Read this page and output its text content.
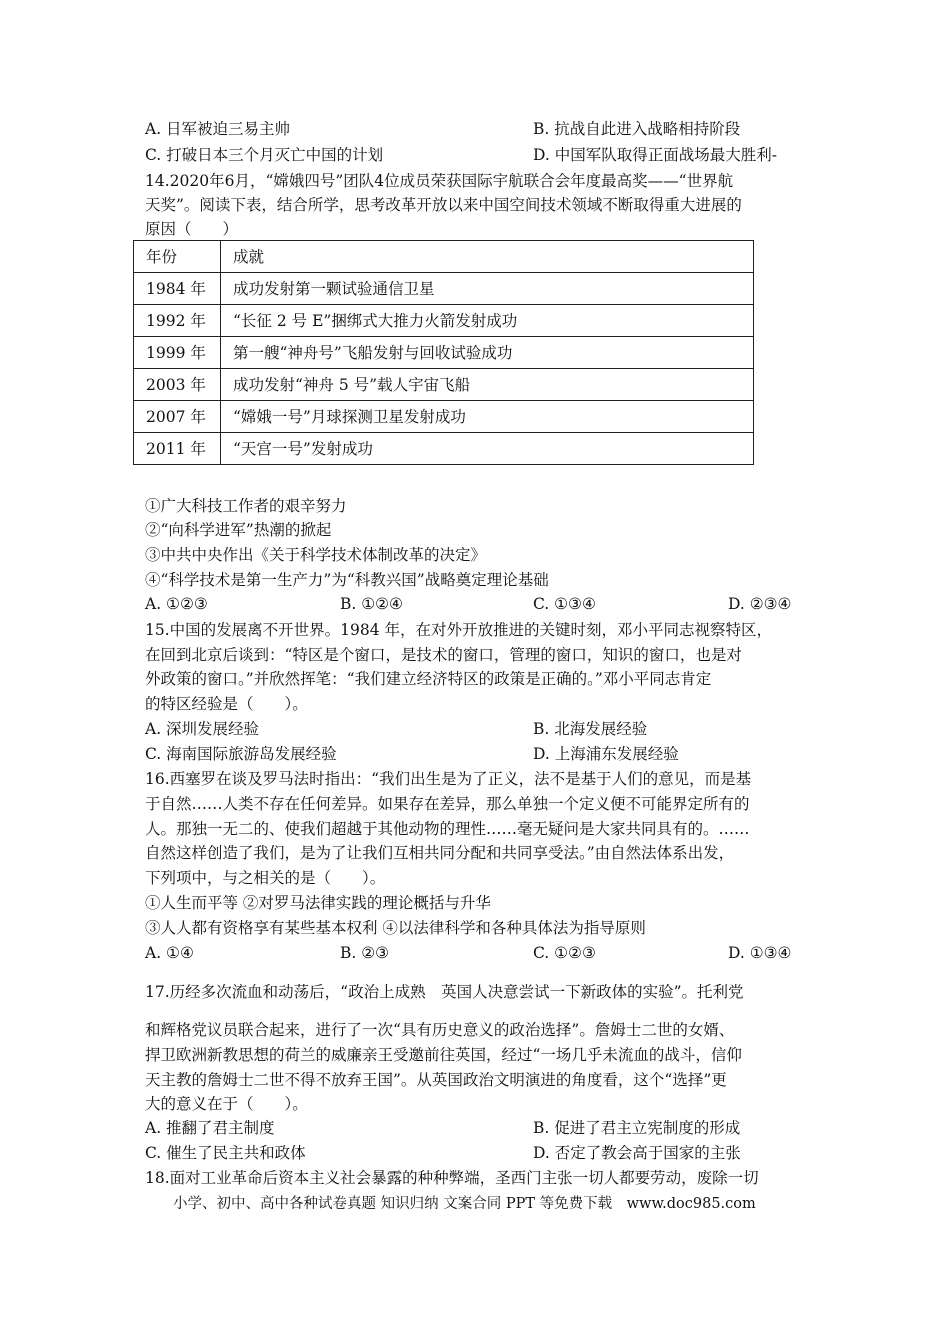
A. 日军被迫三易主帅	B. 抗战自此进入战略相持阶段
C. 打破日本三个月灭亡中国的计划	D. 中国军队取得正面战场最大胜利-
14.2020年6月，“嫦娥四号”团队4位成员荣获国际宇航联合会年度最高奖——“世界航
天奖”。阅读下表，结合所学，思考改革开放以来中国空间技术领域不断取得重大进展的
原因（　　）
年份	成就
1984 年	成功发射第一颗试验通信卫星
1992 年	“长征 2 号 E”捆绑式大推力火箭发射成功
1999 年	第一艘“神舟号”飞船发射与回收试验成功
2003 年	成功发射“神舟 5 号”载人宇宙飞船
2007 年	“嫦娥一号”月球探测卫星发射成功
2011 年	“天宫一号”发射成功
①广大科技工作者的艰辛努力
②“向科学进军”热潮的掀起
③中共中央作出《关于科学技术体制改革的决定》
④“科学技术是第一生产力”为“科教兴国”战略奠定理论基础
A. ①②③	B. ①②④	C. ①③④	D. ②③④
15.中国的发展离不开世界。1984 年，在对外开放推进的关键时刻，邓小平同志视察特区，
在回到北京后谈到：“特区是个窗口，是技术的窗口，管理的窗口，知识的窗口，也是对
外政策的窗口。”并欣然挥笔：“我们建立经济特区的政策是正确的。”邓小平同志肯定
的特区经验是（　　）。
A. 深圳发展经验	B. 北海发展经验
C. 海南国际旅游岛发展经验	D. 上海浦东发展经验
16.西塞罗在谈及罗马法时指出：“我们出生是为了正义，法不是基于人们的意见，而是基
于自然……人类不存在任何差异。如果存在差异，那么单独一个定义便不可能界定所有的
人。那独一无二的、使我们超越于其他动物的理性……毫无疑问是大家共同具有的。……
自然这样创造了我们，是为了让我们互相共同分配和共同享受法。”由自然法体系出发，
下列项中，与之相关的是（　　）。
①人生而平等 ②对罗马法律实践的理论概括与升华
③人人都有资格享有某些基本权利 ④以法律科学和各种具体法为指导原则
A. ①④	B. ②③	C. ①②③	D. ①③④
17.历经多次流血和动荡后，“政治上成熟　英国人决意尝试一下新政体的实验”。托利党
和辉格党议员联合起来，进行了一次“具有历史意义的政治选择”。詹姆士二世的女婿、
捍卫欧洲新教思想的荷兰的威廉亲王受邀前往英国，经过“一场几乎未流血的战斗，信仰
天主教的詹姆士二世不得不放弃王国”。从英国政治文明演进的角度看，这个“选择”更
大的意义在于（　　）。
A. 推翻了君主制度	B. 促进了君主立宪制度的形成
C. 催生了民主共和政体	D. 否定了教会高于国家的主张
18.面对工业革命后资本主义社会暴露的种种弊端，圣西门主张一切人都要劳动，废除一切
小学、初中、高中各种试卷真题 知识归纳 文案合同 PPT 等免费下载　www.doc985.com
